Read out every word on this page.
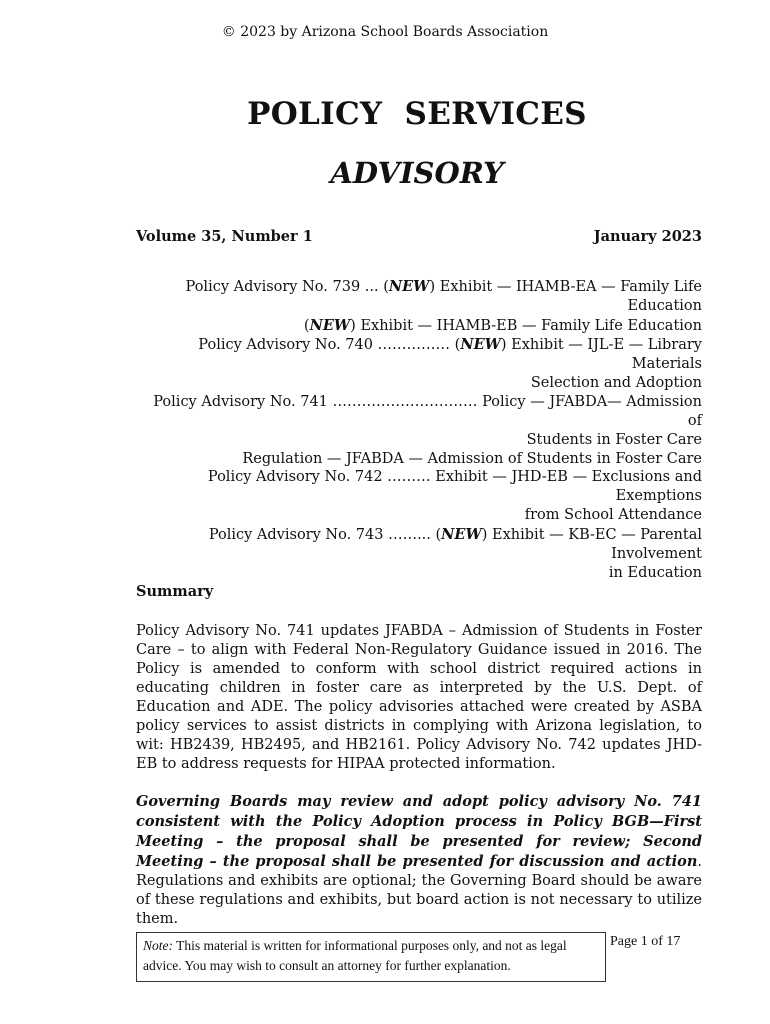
© 2023 by Arizona School Boards Association
POLICY  SERVICES
ADVISORY
Volume 35, Number 1	January 2023
Policy Advisory No. 739 ... (NEW) Exhibit — IHAMB-EA — Family Life Education
(NEW) Exhibit — IHAMB-EB — Family Life Education
Policy Advisory No. 740 …………… (NEW) Exhibit — IJL-E — Library Materials
Selection and Adoption
Policy Advisory No. 741 ………………………… Policy — JFABDA— Admission of
Students in Foster Care
Regulation — JFABDA — Admission of Students in Foster Care
Policy Advisory No. 742 ……… Exhibit — JHD-EB — Exclusions and Exemptions
from School Attendance
Policy Advisory No. 743 ……... (NEW) Exhibit — KB-EC — Parental Involvement
in Education
Summary
Policy Advisory No. 741 updates JFABDA – Admission of Students in Foster Care – to align with Federal Non-Regulatory Guidance issued in 2016. The Policy is amended to conform with school district required actions in educating children in foster care as interpreted by the U.S. Dept. of Education and ADE. The policy advisories attached were created by ASBA policy services to assist districts in complying with Arizona legislation, to wit: HB2439, HB2495, and HB2161. Policy Advisory No. 742 updates JHD-EB to address requests for HIPAA protected information.
Governing Boards may review and adopt policy advisory No. 741 consistent with the Policy Adoption process in Policy BGB—First Meeting – the proposal shall be presented for review; Second Meeting – the proposal shall be presented for discussion and action. Regulations and exhibits are optional; the Governing Board should be aware of these regulations and exhibits, but board action is not necessary to utilize them.
Note: This material is written for informational purposes only, and not as legal advice. You may wish to consult an attorney for further explanation.
Page 1 of 17
